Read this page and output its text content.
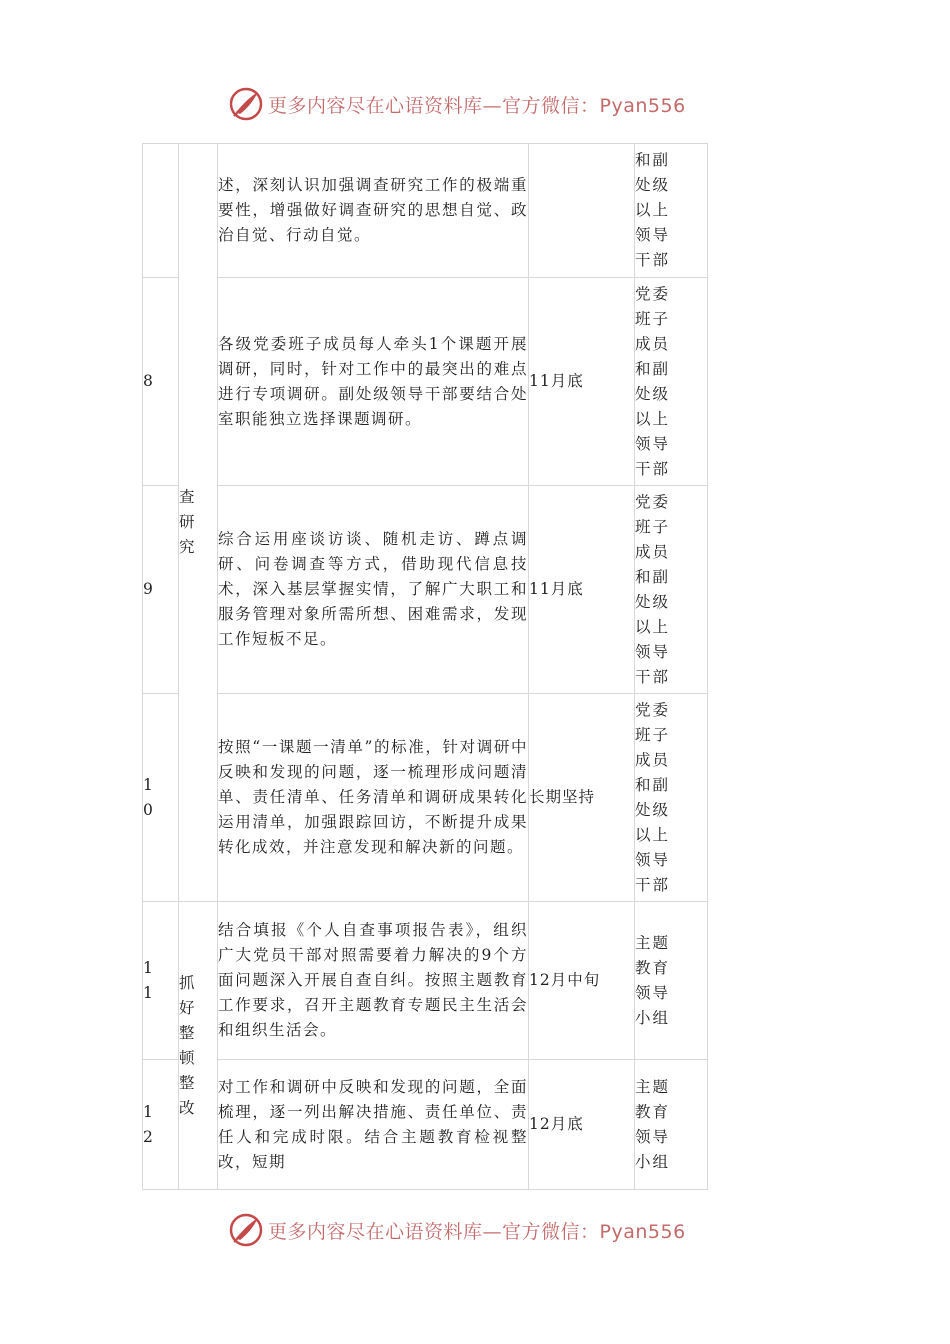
更多内容尽在心语资料库—官方微信：Pyan556

	查研究	述，深刻认识加强调查研究工作的极端重要性，增强做好调查研究的思想自觉、政治自觉、行动自觉。		和副处级以上领导干部

8		各级党委班子成员每人牵头1个课题开展调研，同时，针对工作中的最突出的难点进行专项调研。副处级领导干部要结合处室职能独立选择课题调研。	11月底	党委班子成员和副处级以上领导干部

9		综合运用座谈访谈、随机走访、蹲点调研、问卷调查等方式，借助现代信息技术，深入基层掌握实情，了解广大职工和服务管理对象所需所想、困难需求，发现工作短板不足。	11月底	党委班子成员和副处级以上领导干部

10		按照“一课题一清单”的标准，针对调研中反映和发现的问题，逐一梳理形成问题清单、责任清单、任务清单和调研成果转化运用清单，加强跟踪回访，不断提升成果转化成效，并注意发现和解决新的问题。	长期坚持	党委班子成员和副处级以上领导干部

11	抓好整顿整改	结合填报《个人自查事项报告表》，组织广大党员干部对照需要着力解决的9个方面问题深入开展自查自纠。按照主题教育工作要求，召开主题教育专题民主生活会和组织生活会。	12月中旬	主题教育领导小组

12		对工作和调研中反映和发现的问题，全面梳理，逐一列出解决措施、责任单位、责任人和完成时限。结合主题教育检视整改，短期	12月底	主题教育领导小组
更多内容尽在心语资料库—官方微信：Pyan556
